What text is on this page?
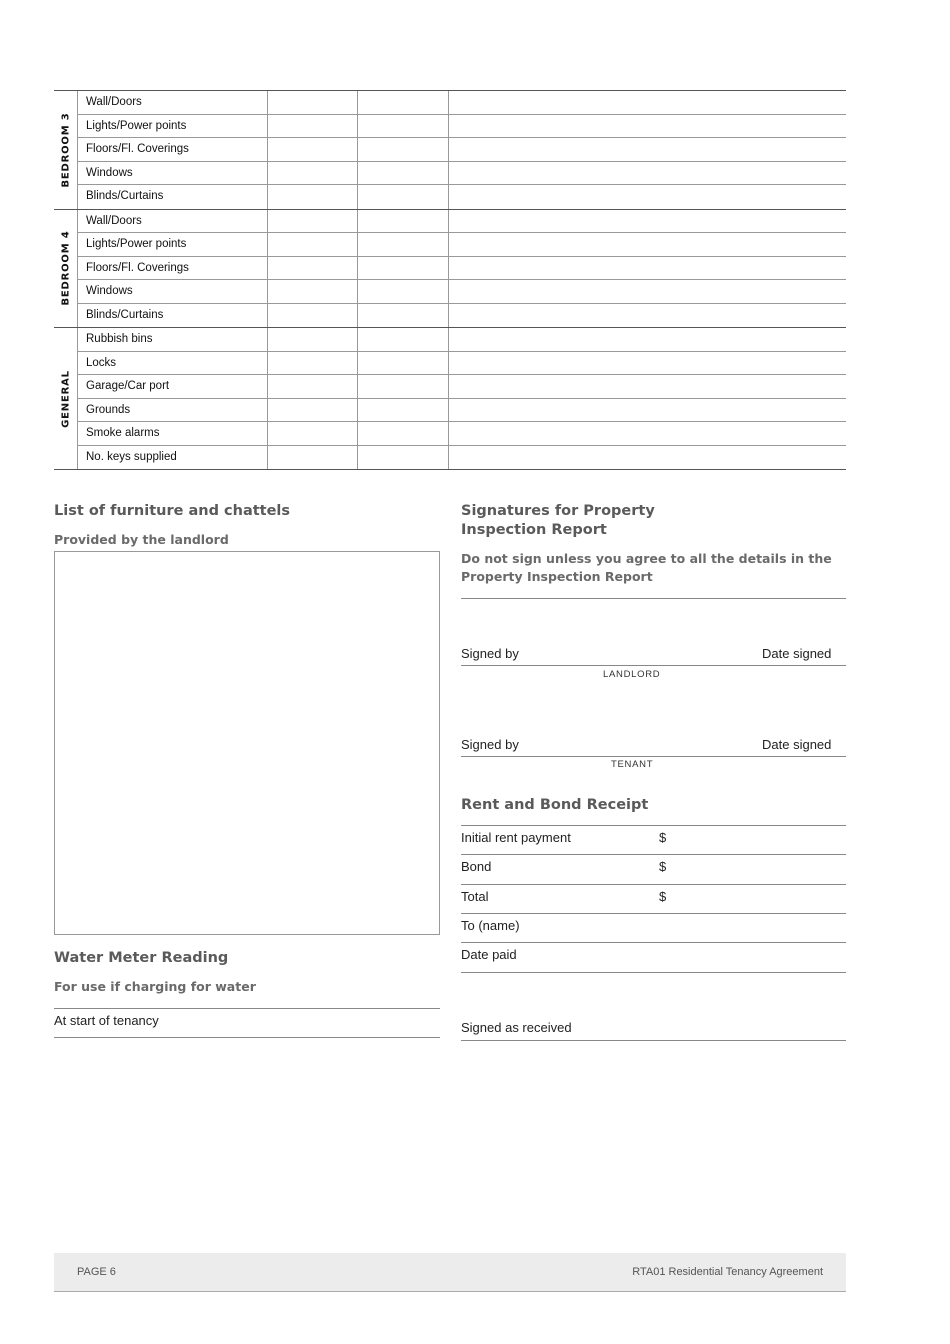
BEDROOM 3
Wall/Doors
Lights/Power points
Floors/Fl. Coverings
Windows
Blinds/Curtains
BEDROOM 4
Wall/Doors
Lights/Power points
Floors/Fl. Coverings
Windows
Blinds/Curtains
GENERAL
Rubbish bins
Locks
Garage/Car port
Grounds
Smoke alarms
No. keys supplied
List of furniture and chattels
Provided by the landlord
Water Meter Reading
For use if charging for water
At start of tenancy
Signatures for Property
Inspection Report
Do not sign unless you agree to all the details in the
Property Inspection Report
Signed by	Date signed
LANDLORD
Signed by	Date signed
TENANT
Rent and Bond Receipt
Initial rent payment	$
Bond	$
Total	$
To (name)
Date paid
Signed as received
PAGE 6	RTA01 Residential Tenancy Agreement
